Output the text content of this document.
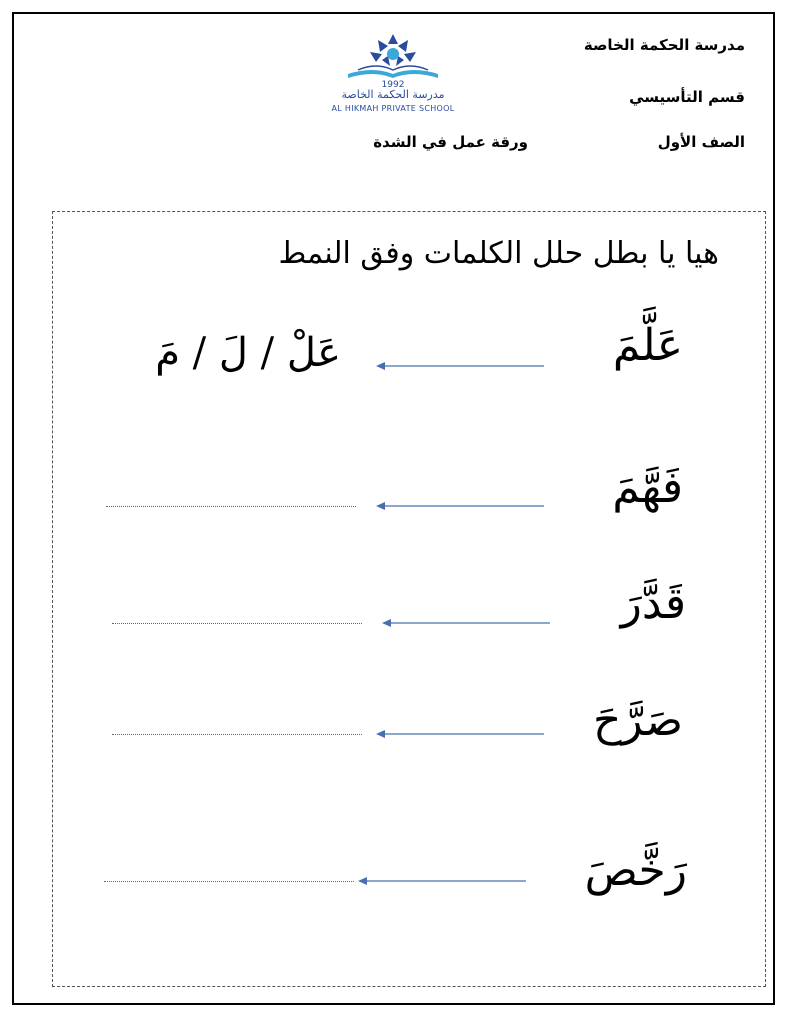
مدرسة الحكمة الخاصة
قسم التأسيسي
الصف الأول
ورقة عمل في الشدة
1992
مدرسة الحكمة الخاصة
AL HIKMAH PRIVATE SCHOOL
هيا يا بطل حلل الكلمات وفق النمط
عَلَّمَ
عَلْ / لَ / مَ
فَهَّمَ
قَدَّرَ
صَرَّحَ
رَخَّصَ
